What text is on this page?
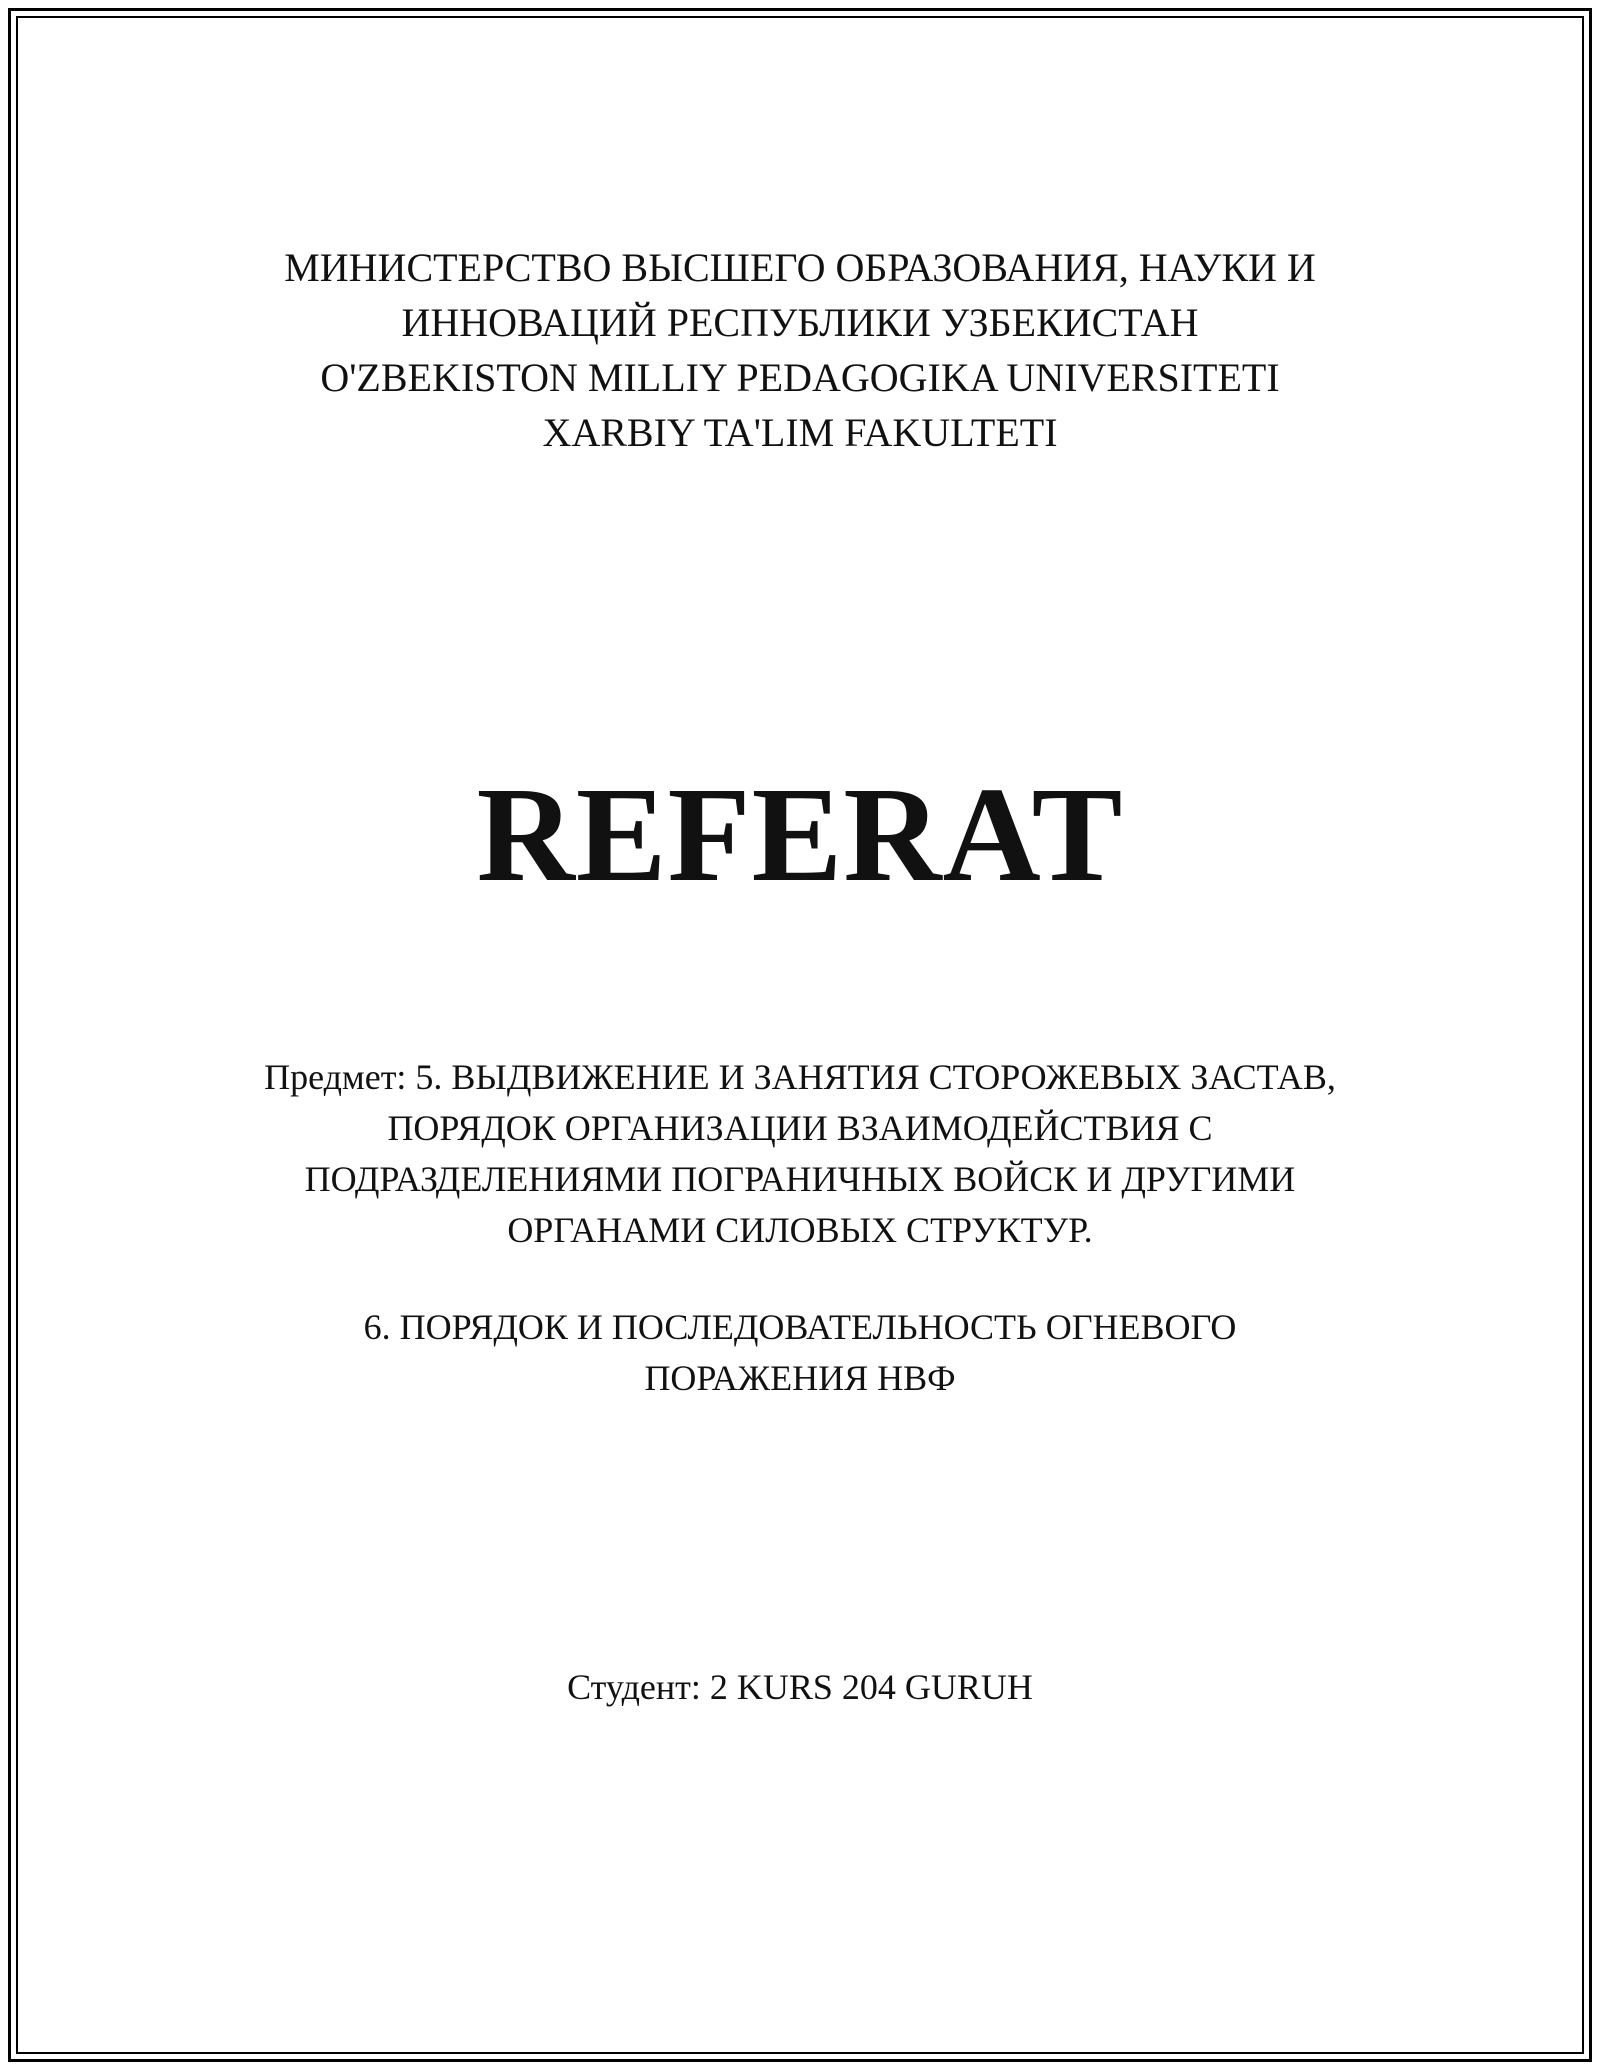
МИНИСТЕРСТВО ВЫСШЕГО ОБРАЗОВАНИЯ, НАУКИ И
ИННОВАЦИЙ РЕСПУБЛИКИ УЗБЕКИСТАН
O'ZBEKISTON MILLIY PEDAGOGIKA UNIVERSITETI
XARBIY TA'LIM FAKULTETI
REFERAT
Предмет: 5. ВЫДВИЖЕНИЕ И ЗАНЯТИЯ СТОРОЖЕВЫХ ЗАСТАВ,
ПОРЯДОК ОРГАНИЗАЦИИ ВЗАИМОДЕЙСТВИЯ С
ПОДРАЗДЕЛЕНИЯМИ ПОГРАНИЧНЫХ ВОЙСК И ДРУГИМИ
ОРГАНАМИ СИЛОВЫХ СТРУКТУР.
6. ПОРЯДОК И ПОСЛЕДОВАТЕЛЬНОСТЬ ОГНЕВОГО
ПОРАЖЕНИЯ НВФ
Студент: 2 KURS 204 GURUH
